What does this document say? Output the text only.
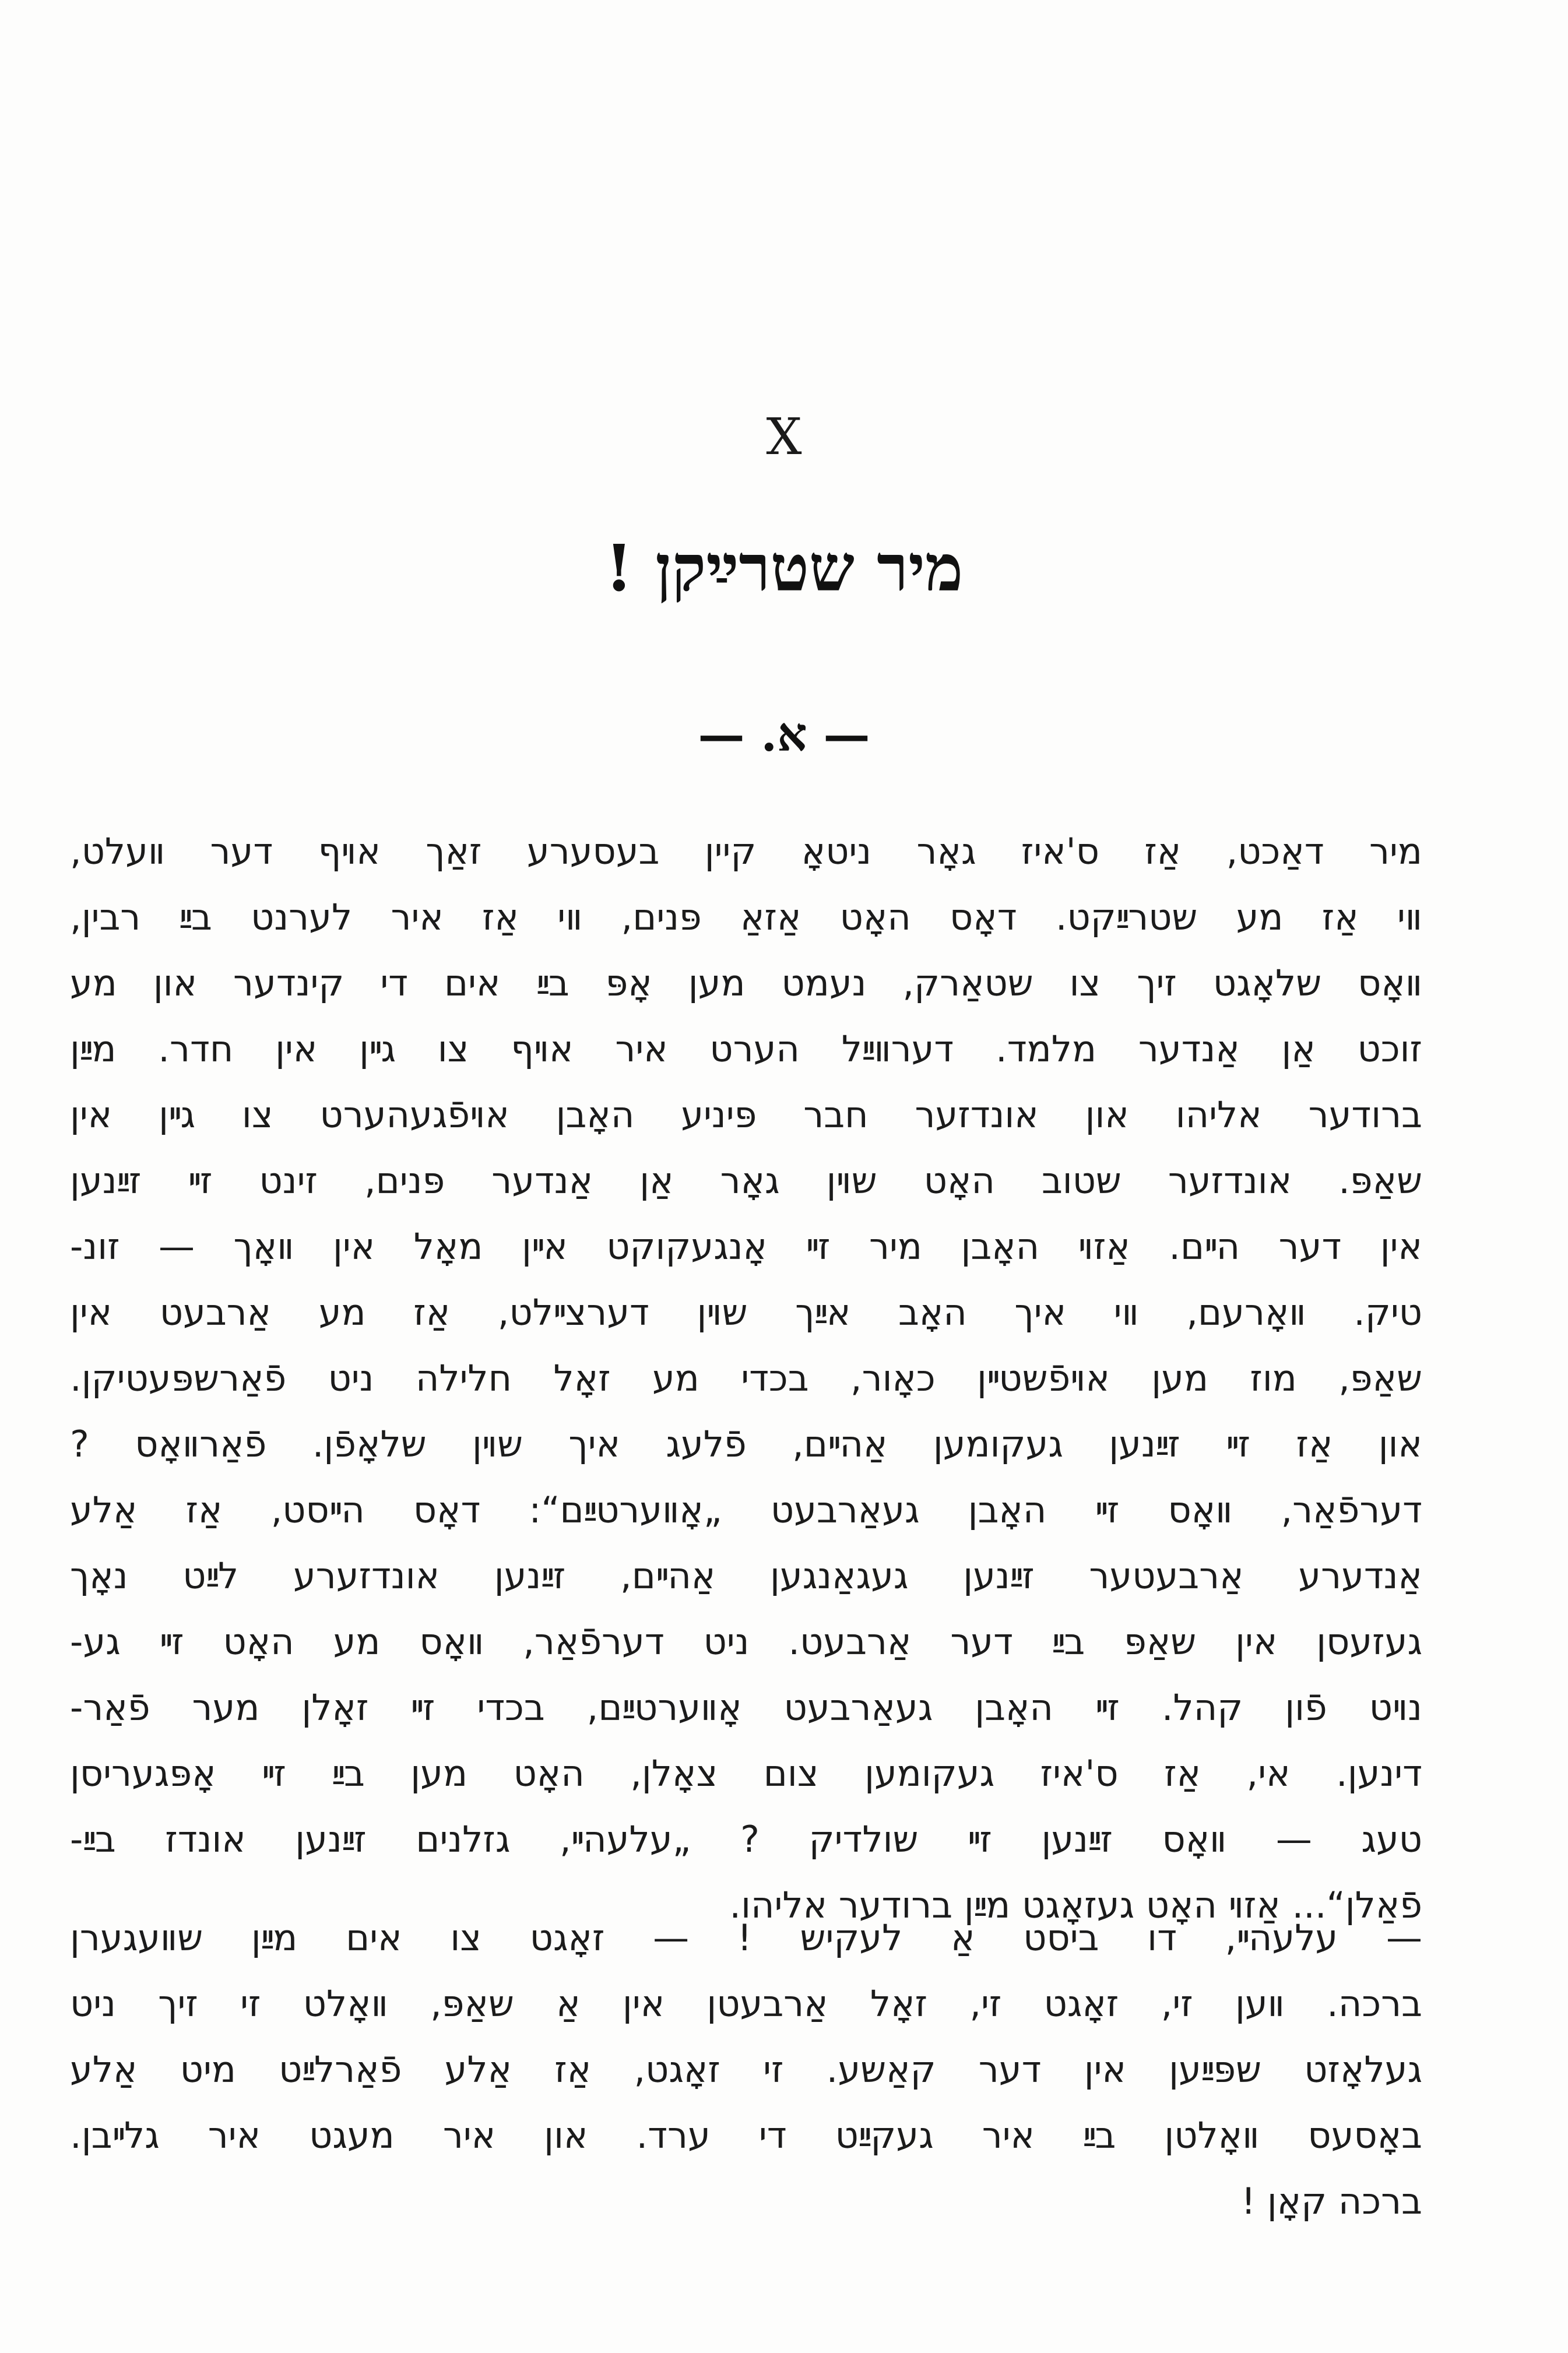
X
מיר שטרײַקן !
— א. —
מיר דאַכט, אַז ס'איז גאָר ניטאָ קיין בעסערע זאַך אױף דער װעלט,
װי אַז מע שטרײַקט. דאָס האָט אַזאַ פּנים, װי אַז איר לערנט בײַ רבין,
װאָס שלאָגט זיך צו שטאַרק, נעמט מען אָפּ בײַ אים די קינדער און מע
זוכט אַן אַנדער מלמד. דערװײַל הערט איר אױף צו גײן אין חדר. מײַן
ברודער אליהו און אונדזער חבר פּיניע האָבן אױפֿגעהערט צו גײן אין
שאַפּ. אונדזער שטוב האָט שױן גאָר אַן אַנדער פּנים, זינט זײ זײַנען
אין דער הײם. אַזױ האָבן מיר זײ אָנגעקוקט אײן מאָל אין װאָך — זונ-
טיק. װאָרעם, װי איך האָב אײַך שױן דערצײלט, אַז מע אַרבעט אין
שאַפּ, מוז מען אױפֿשטײן כאָור, בכדי מע זאָל חלילה ניט פֿאַרשפּעטיקן.
און אַז זײ זײַנען געקומען אַהײם, פֿלעג איך שױן שלאָפֿן. פֿאַרװאָס ?
דערפֿאַר, װאָס זײ האָבן געאַרבעט „אָװערטײַם“: דאָס הײסט, אַז אַלע
אַנדערע אַרבעטער זײַנען געגאַנגען אַהײם, זײַנען אונדזערע לײַט נאָך
געזעסן אין שאַפּ בײַ דער אַרבעט. ניט דערפֿאַר, װאָס מע האָט זײ גע-
נױט פֿון קהל. זײ האָבן געאַרבעט אָװערטײַם, בכדי זײ זאָלן מער פֿאַר-
דינען. אי, אַז ס'איז געקומען צום צאָלן, האָט מען בײַ זײ אָפּגעריסן
טעג — װאָס זײַנען זײ שולדיק ? „עלעהײ, גזלנים זײַנען אונדז בײַ-
פֿאַלן“... אַזױ האָט געזאָגט מײַן ברודער אליהו.
— עלעהײ, דו ביסט אַ לעקיש ! — זאָגט צו אים מײַן שװעגערן
ברכה. װען זי, זאָגט זי, זאָל אַרבעטן אין אַ שאַפּ, װאָלט זי זיך ניט
געלאָזט שפּײַען אין דער קאַשע. זי זאָגט, אַז אַלע פֿאַרלײַט מיט אַלע
באָסעס װאָלטן בײַ איר געקײַט די ערד. און איר מעגט איר גלײבן.
ברכה קאָן !
